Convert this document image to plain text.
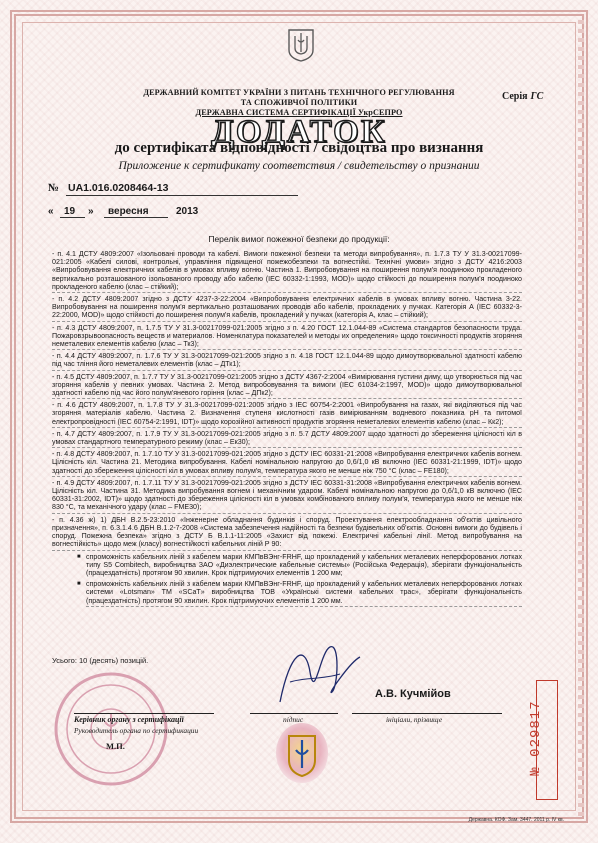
ДЕРЖАВНИЙ КОМІТЕТ УКРАЇНИ З ПИТАНЬ ТЕХНІЧНОГО РЕГУЛЮВАННЯ
ТА СПОЖИВЧОЇ ПОЛІТИКИ
ДЕРЖАВНА СИСТЕМА СЕРТИФІКАЦІЇ УкрСЕПРО
Серія ГС
ДОДАТОК
до сертифіката відповідності / свідоцтва про визнання
Приложение к сертификату соответствия / свидетельству о признании
№ UA1.016.0208464-13
« 19 » вересня	2013
Перелік вимог пожежної безпеки до продукції:
- п. 4.1 ДСТУ 4809:2007 «Ізольовані проводи та кабелі. Вимоги пожежної безпеки та методи випробування», п. 1.7.3 ТУ У 31.3-00217099-021:2005 «Кабелі силові, контрольні, управління підвищеної пожежобезпеки та вогнестійкі. Технічні умови» згідно з ДСТУ 4216:2003 «Випробовування електричних кабелів в умовах впливу вогню. Частина 1. Випробовування на поширення полум'я поодиноко прокладеного вертикально розташованого ізольованого проводу або кабелю (IEC 60332-1:1993, MOD)» щодо стійкості до поширення полум'я поодиноко прокладеного кабелю (клас – стійкий);
- п. 4.2 ДСТУ 4809:2007 згідно з ДСТУ 4237-3-22:2004 «Випробовування електричних кабелів в умовах впливу вогню. Частина 3-22. Випробовування на поширення полум'я вертикально розташованих проводів або кабелів, прокладених у пучках. Категорія А (IEC 60332-3-22:2000, MOD)» щодо стійкості до поширення полум'я кабелів, прокладений у пучках (категорія А, клас – стійкий);
- п. 4.3 ДСТУ 4809:2007, п. 1.7.5 ТУ У 31.3-00217099-021:2005 згідно з п. 4.20 ГОСТ 12.1.044-89 «Система стандартов безопасности труда. Пожаровзрывоопасность веществ и материалов. Номенклатура показателей и методы их определения» щодо токсичності продуктів згоряння неметалевих елементів кабелю (клас – Тк3);
- п. 4.4 ДСТУ 4809:2007, п. 1.7.6 ТУ У 31.3-00217099-021:2005 згідно з п. 4.18 ГОСТ 12.1.044-89 щодо димоутворювальної здатності кабелю під час тління його неметалевих елементів (клас – ДТк1);
- п. 4.5 ДСТУ 4809:2007, п. 1.7.7 ТУ У 31.3-00217099-021:2005 згідно з ДСТУ 4367-2:2004 «Вимірювання густини диму, що утворюється під час згоряння кабелів у певних умовах. Частина 2. Метод випробовування та вимоги (IEC 61034-2:1997, MOD)» щодо димоутворювальної здатності кабелю під час його полум'яневого горіння (клас – ДПк2);
- п. 4.6 ДСТУ 4809:2007, п. 1.7.8 ТУ У 31.3-00217099-021:2005 згідно з IEC 60754-2:2001 «Випробування на газах, які виділяються під час згоряння матеріалів кабелю. Частина 2. Визначення ступеня кислотності газів вимірюванням водневого показника рН та питомої електропровідності (IEC 60754-2:1991, IDT)» щодо корозійної активності продуктів згоряння неметалевих елементів кабелю (клас – Кк2);
- п. 4.7 ДСТУ 4809:2007, п. 1.7.9 ТУ У 31.3-00217099-021:2005 згідно з п. 5.7 ДСТУ 4809:2007 щодо здатності до збереження цілісності кіл в умовах стандартного температурного режиму (клас – Ек30);
- п. 4.8 ДСТУ 4809:2007, п. 1.7.10 ТУ У 31.3-00217099-021:2005 згідно з ДСТУ IEC 60331-21:2008 «Випробування електричних кабелів вогнем. Цілісність кіл. Частина 21. Методика випробування. Кабелі номінальною напругою до 0,6/1,0 кВ включно (IEC 60331-21:1999, IDT)» щодо здатності до збереження цілісності кіл в умовах впливу полум'я, температура якого не менше ніж 750 °С (клас – FE180);
- п. 4.9 ДСТУ 4809:2007, п. 1.7.11 ТУ У 31.3-00217099-021:2005 згідно з ДСТУ IEC 60331-31:2008 «Випробування електричних кабелів вогнем. Цілісність кіл. Частина 31. Методика випробування вогнем і механічним ударом. Кабелі номінальною напругою до 0,6/1,0 кВ включно (IEC 60331-31:2002, IDT)» щодо здатності до збереження цілісності кіл в умовах комбінованого впливу полум'я, температура якого не менше ніж 830 °С, та механічного удару (клас – FME30);
- п. 4.36 ж) 1) ДБН В.2.5-23:2010 «Інженерне обладнання будинків і споруд. Проектування електрообладнання об'єктів цивільного призначення», п. 6.3.1.4.6 ДБН В.1.2-7-2008 «Система забезпечення надійності та безпеки будівельних об'єктів. Основні вимоги до будівель і споруд. Пожежна безпека» згідно з ДСТУ Б В.1.1-11:2005 «Захист від пожежі. Електричні кабельні лінії. Метод випробування на вогнестійкість» щодо меж (класу) вогнестійкості кабельних ліній Р 90:
■ спроможність кабельних ліній з кабелем марки КМПвВЭнг-FRHF, що прокладений у кабельних металевих неперфорованих лотках типу S5 Combitech, виробництва ЗАО «Диэлектрические кабельные системы» (Російська Федерація), зберігати функціональність (працездатність) протягом 90 хвилин. Крок підтримуючих елементів 1 200 мм;
■ спроможність кабельних ліній з кабелем марки КМПвВЭнг-FRHF, що прокладений у кабельних металевих неперфорованих лотках системи «Lotsman» ТМ «SCaT» виробництва ТОВ «Українські системи кабельних трас», зберігати функціональність (працездатність) протягом 90 хвилин. Крок підтримуючих елементів 1 200 мм.
Усього: 10 (десять) позицій.
А.В. Кучмійов
Керівник органу з сертифікації
Руководитель органа по сертификации
підпис	ініціали, прізвище
М.П.
№ 029817
Державна. КОФ. Зам. 3447. 2011 р. IV кв.
